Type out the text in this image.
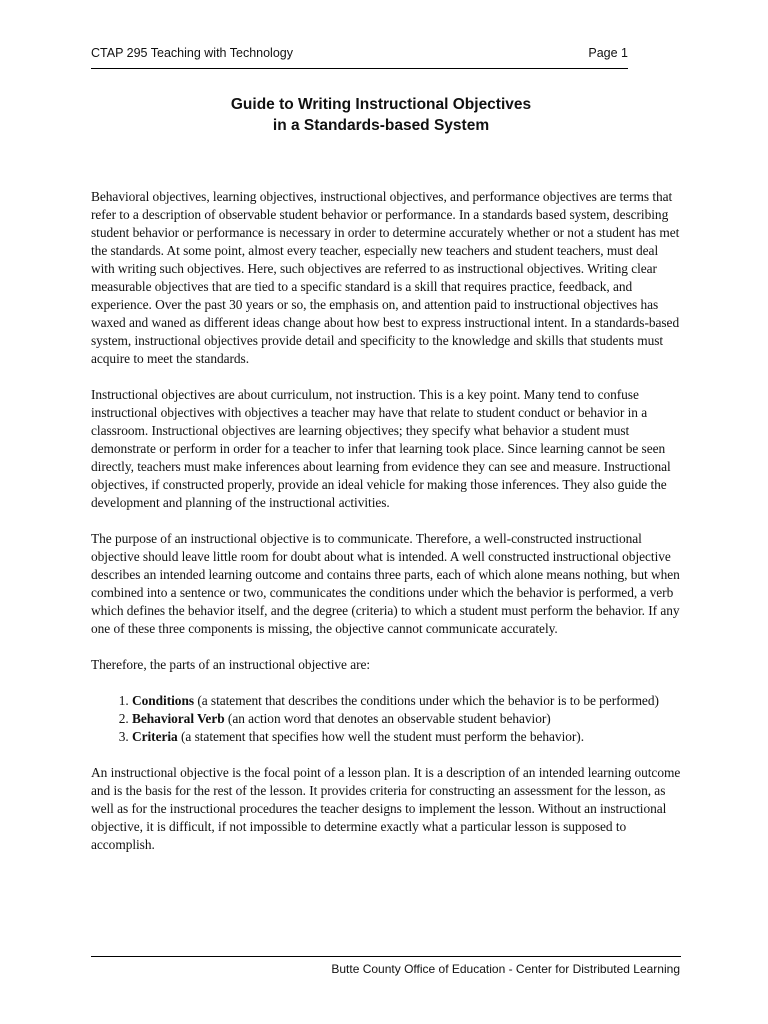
CTAP 295 Teaching with Technology	Page 1
Guide to Writing Instructional Objectives
in a Standards-based System

Behavioral objectives, learning objectives, instructional objectives, and performance objectives are terms that refer to a description of observable student behavior or performance. In a standards based system, describing student behavior or performance is necessary in order to determine accurately whether or not a student has met the standards. At some point, almost every teacher, especially new teachers and student teachers, must deal with writing such objectives. Here, such objectives are referred to as instructional objectives. Writing clear measurable objectives that are tied to a specific standard is a skill that requires practice, feedback, and experience. Over the past 30 years or so, the emphasis on, and attention paid to instructional objectives has waxed and waned as different ideas change about how best to express instructional intent. In a standards-based system, instructional objectives provide detail and specificity to the knowledge and skills that students must acquire to meet the standards.

Instructional objectives are about curriculum, not instruction. This is a key point. Many tend to confuse instructional objectives with objectives a teacher may have that relate to student conduct or behavior in a classroom. Instructional objectives are learning objectives; they specify what behavior a student must demonstrate or perform in order for a teacher to infer that learning took place. Since learning cannot be seen directly, teachers must make inferences about learning from evidence they can see and measure. Instructional objectives, if constructed properly, provide an ideal vehicle for making those inferences. They also guide the development and planning of the instructional activities.

The purpose of an instructional objective is to communicate. Therefore, a well-constructed instructional objective should leave little room for doubt about what is intended. A well constructed instructional objective describes an intended learning outcome and contains three parts, each of which alone means nothing, but when combined into a sentence or two, communicates the conditions under which the behavior is performed, a verb which defines the behavior itself, and the degree (criteria) to which a student must perform the behavior. If any one of these three components is missing, the objective cannot communicate accurately.

Therefore, the parts of an instructional objective are:

1. Conditions (a statement that describes the conditions under which the behavior is to be performed)
2. Behavioral Verb (an action word that denotes an observable student behavior)
3. Criteria (a statement that specifies how well the student must perform the behavior).

An instructional objective is the focal point of a lesson plan. It is a description of an intended learning outcome and is the basis for the rest of the lesson. It provides criteria for constructing an assessment for the lesson, as well as for the instructional procedures the teacher designs to implement the lesson. Without an instructional objective, it is difficult, if not impossible to determine exactly what a particular lesson is supposed to accomplish.

Butte County Office of Education - Center for Distributed Learning
